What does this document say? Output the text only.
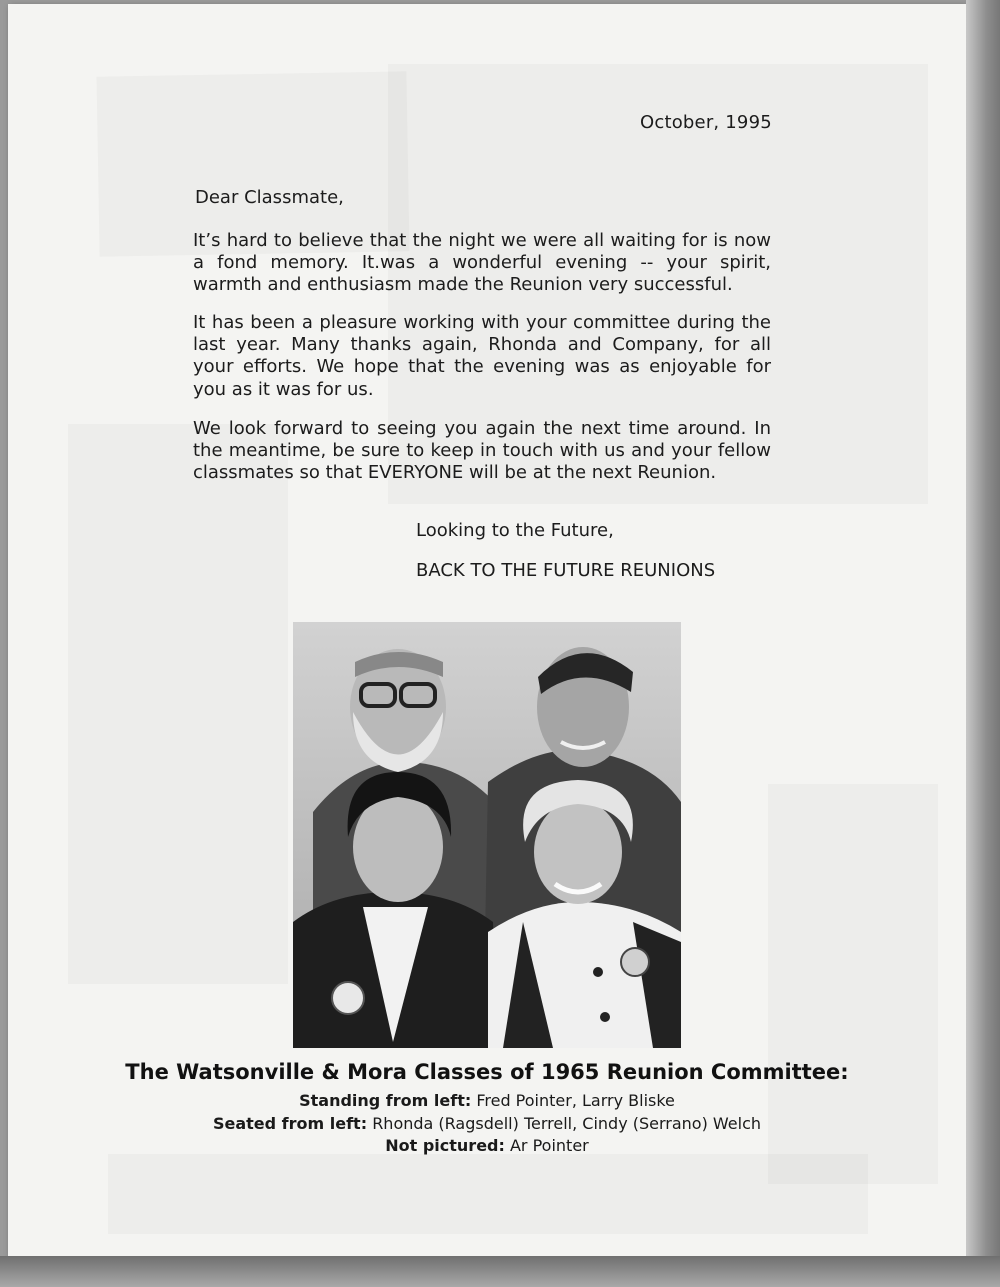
October, 1995
Dear Classmate,

It’s hard to believe that the night we were all waiting for is now a fond memory. It.was a wonderful evening -- your spirit, warmth and enthusiasm made the Reunion very successful.

It has been a pleasure working with your committee during the last year. Many thanks again, Rhonda and Company, for all your efforts. We hope that the evening was as enjoyable for you as it was for us.

We look forward to seeing you again the next time around. In the meantime, be sure to keep in touch with us and your fellow classmates so that EVERYONE will be at the next Reunion.

Looking to the Future,
BACK TO THE FUTURE REUNIONS
The Watsonville & Mora Classes of 1965 Reunion Committee:
Standing from left: Fred Pointer, Larry Bliske
Seated from left: Rhonda (Ragsdell) Terrell, Cindy (Serrano) Welch
Not pictured: Ar Pointer
